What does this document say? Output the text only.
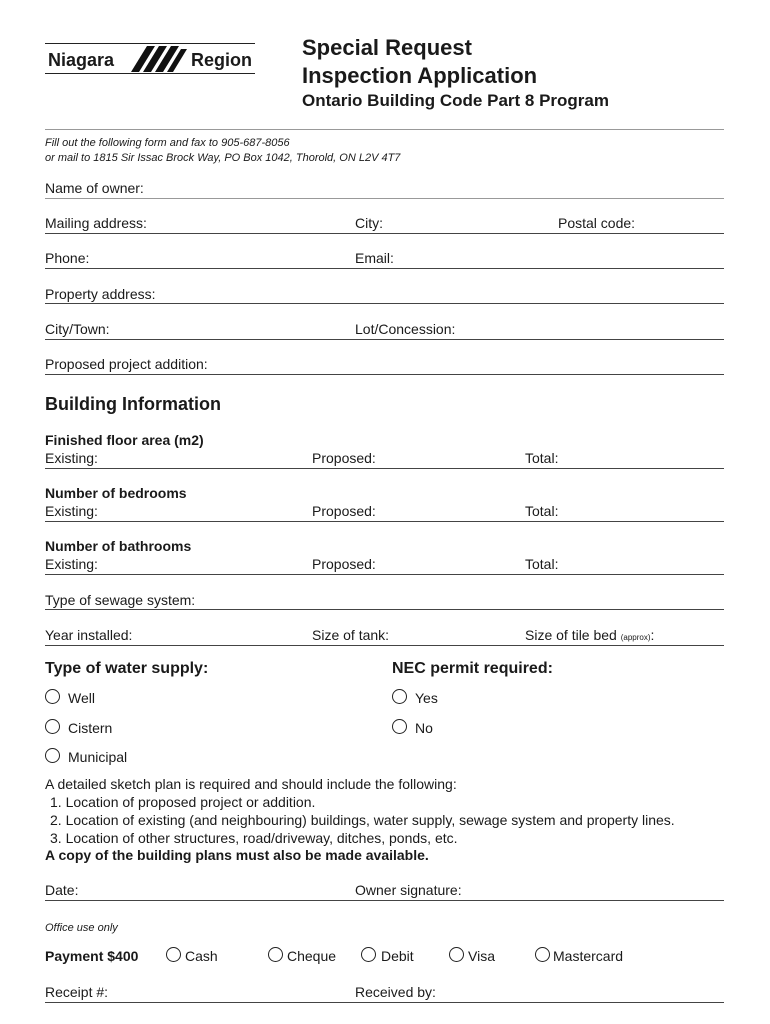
Niagara	Region Special Request
Inspection Application
Ontario Building Code Part 8 Program
Fill out the following form and fax to 905-687-8056
or mail to 1815 Sir Issac Brock Way, PO Box 1042, Thorold, ON L2V 4T7
Name of owner:
Mailing address:	City:	Postal code:
Phone:	Email:
Property address:
City/Town:	Lot/Concession:
Proposed project addition:
Building Information
Finished floor area (m2)
Existing:	Proposed:	Total:
Number of bedrooms
Existing:	Proposed:	Total:
Number of bathrooms
Existing:	Proposed:	Total:
Type of sewage system:
Year installed:	Size of tank:	Size of tile bed (approx):
Type of water supply:
Well
Cistern
Municipal
NEC permit required:
Yes
No
A detailed sketch plan is required and should include the following:
1. Location of proposed project or addition.
2. Location of existing (and neighbouring) buildings, water supply, sewage system and property lines.
3. Location of other structures, road/driveway, ditches, ponds, etc.
A copy of the building plans must also be made available.
Date:	Owner signature:
Office use only
Payment $400	Cash	Cheque	Debit	Visa	Mastercard
Receipt #:	Received by:
